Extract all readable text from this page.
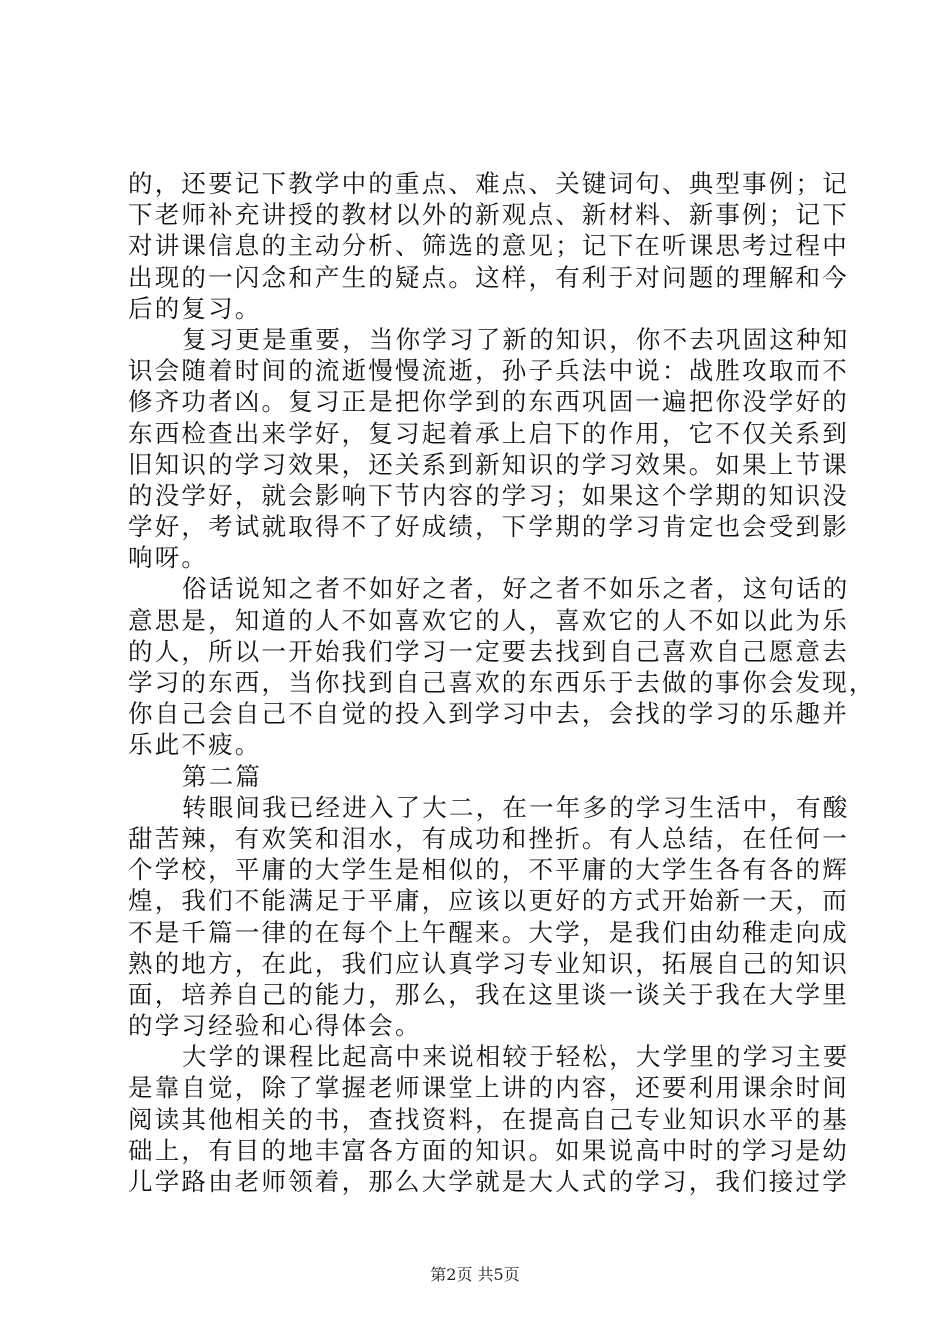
的，还要记下教学中的重点、难点、关键词句、典型事例；记
下老师补充讲授的教材以外的新观点、新材料、新事例；记下
对讲课信息的主动分析、筛选的意见；记下在听课思考过程中
出现的一闪念和产生的疑点。这样，有利于对问题的理解和今
后的复习。
复习更是重要，当你学习了新的知识，你不去巩固这种知
识会随着时间的流逝慢慢流逝，孙子兵法中说：战胜攻取而不
修齐功者凶。复习正是把你学到的东西巩固一遍把你没学好的
东西检查出来学好，复习起着承上启下的作用，它不仅关系到
旧知识的学习效果，还关系到新知识的学习效果。如果上节课
的没学好，就会影响下节内容的学习；如果这个学期的知识没
学好，考试就取得不了好成绩，下学期的学习肯定也会受到影
响呀。
俗话说知之者不如好之者，好之者不如乐之者，这句话的
意思是，知道的人不如喜欢它的人，喜欢它的人不如以此为乐
的人，所以一开始我们学习一定要去找到自己喜欢自己愿意去
学习的东西，当你找到自己喜欢的东西乐于去做的事你会发现，
你自己会自己不自觉的投入到学习中去，会找的学习的乐趣并
乐此不疲。
第二篇
转眼间我已经进入了大二，在一年多的学习生活中，有酸
甜苦辣，有欢笑和泪水，有成功和挫折。有人总结，在任何一
个学校，平庸的大学生是相似的，不平庸的大学生各有各的辉
煌，我们不能满足于平庸，应该以更好的方式开始新一天，而
不是千篇一律的在每个上午醒来。大学，是我们由幼稚走向成
熟的地方，在此，我们应认真学习专业知识，拓展自己的知识
面，培养自己的能力，那么，我在这里谈一谈关于我在大学里
的学习经验和心得体会。
大学的课程比起高中来说相较于轻松，大学里的学习主要
是靠自觉，除了掌握老师课堂上讲的内容，还要利用课余时间
阅读其他相关的书，查找资料，在提高自己专业知识水平的基
础上，有目的地丰富各方面的知识。如果说高中时的学习是幼
儿学路由老师领着，那么大学就是大人式的学习，我们接过学
第2页 共5页
